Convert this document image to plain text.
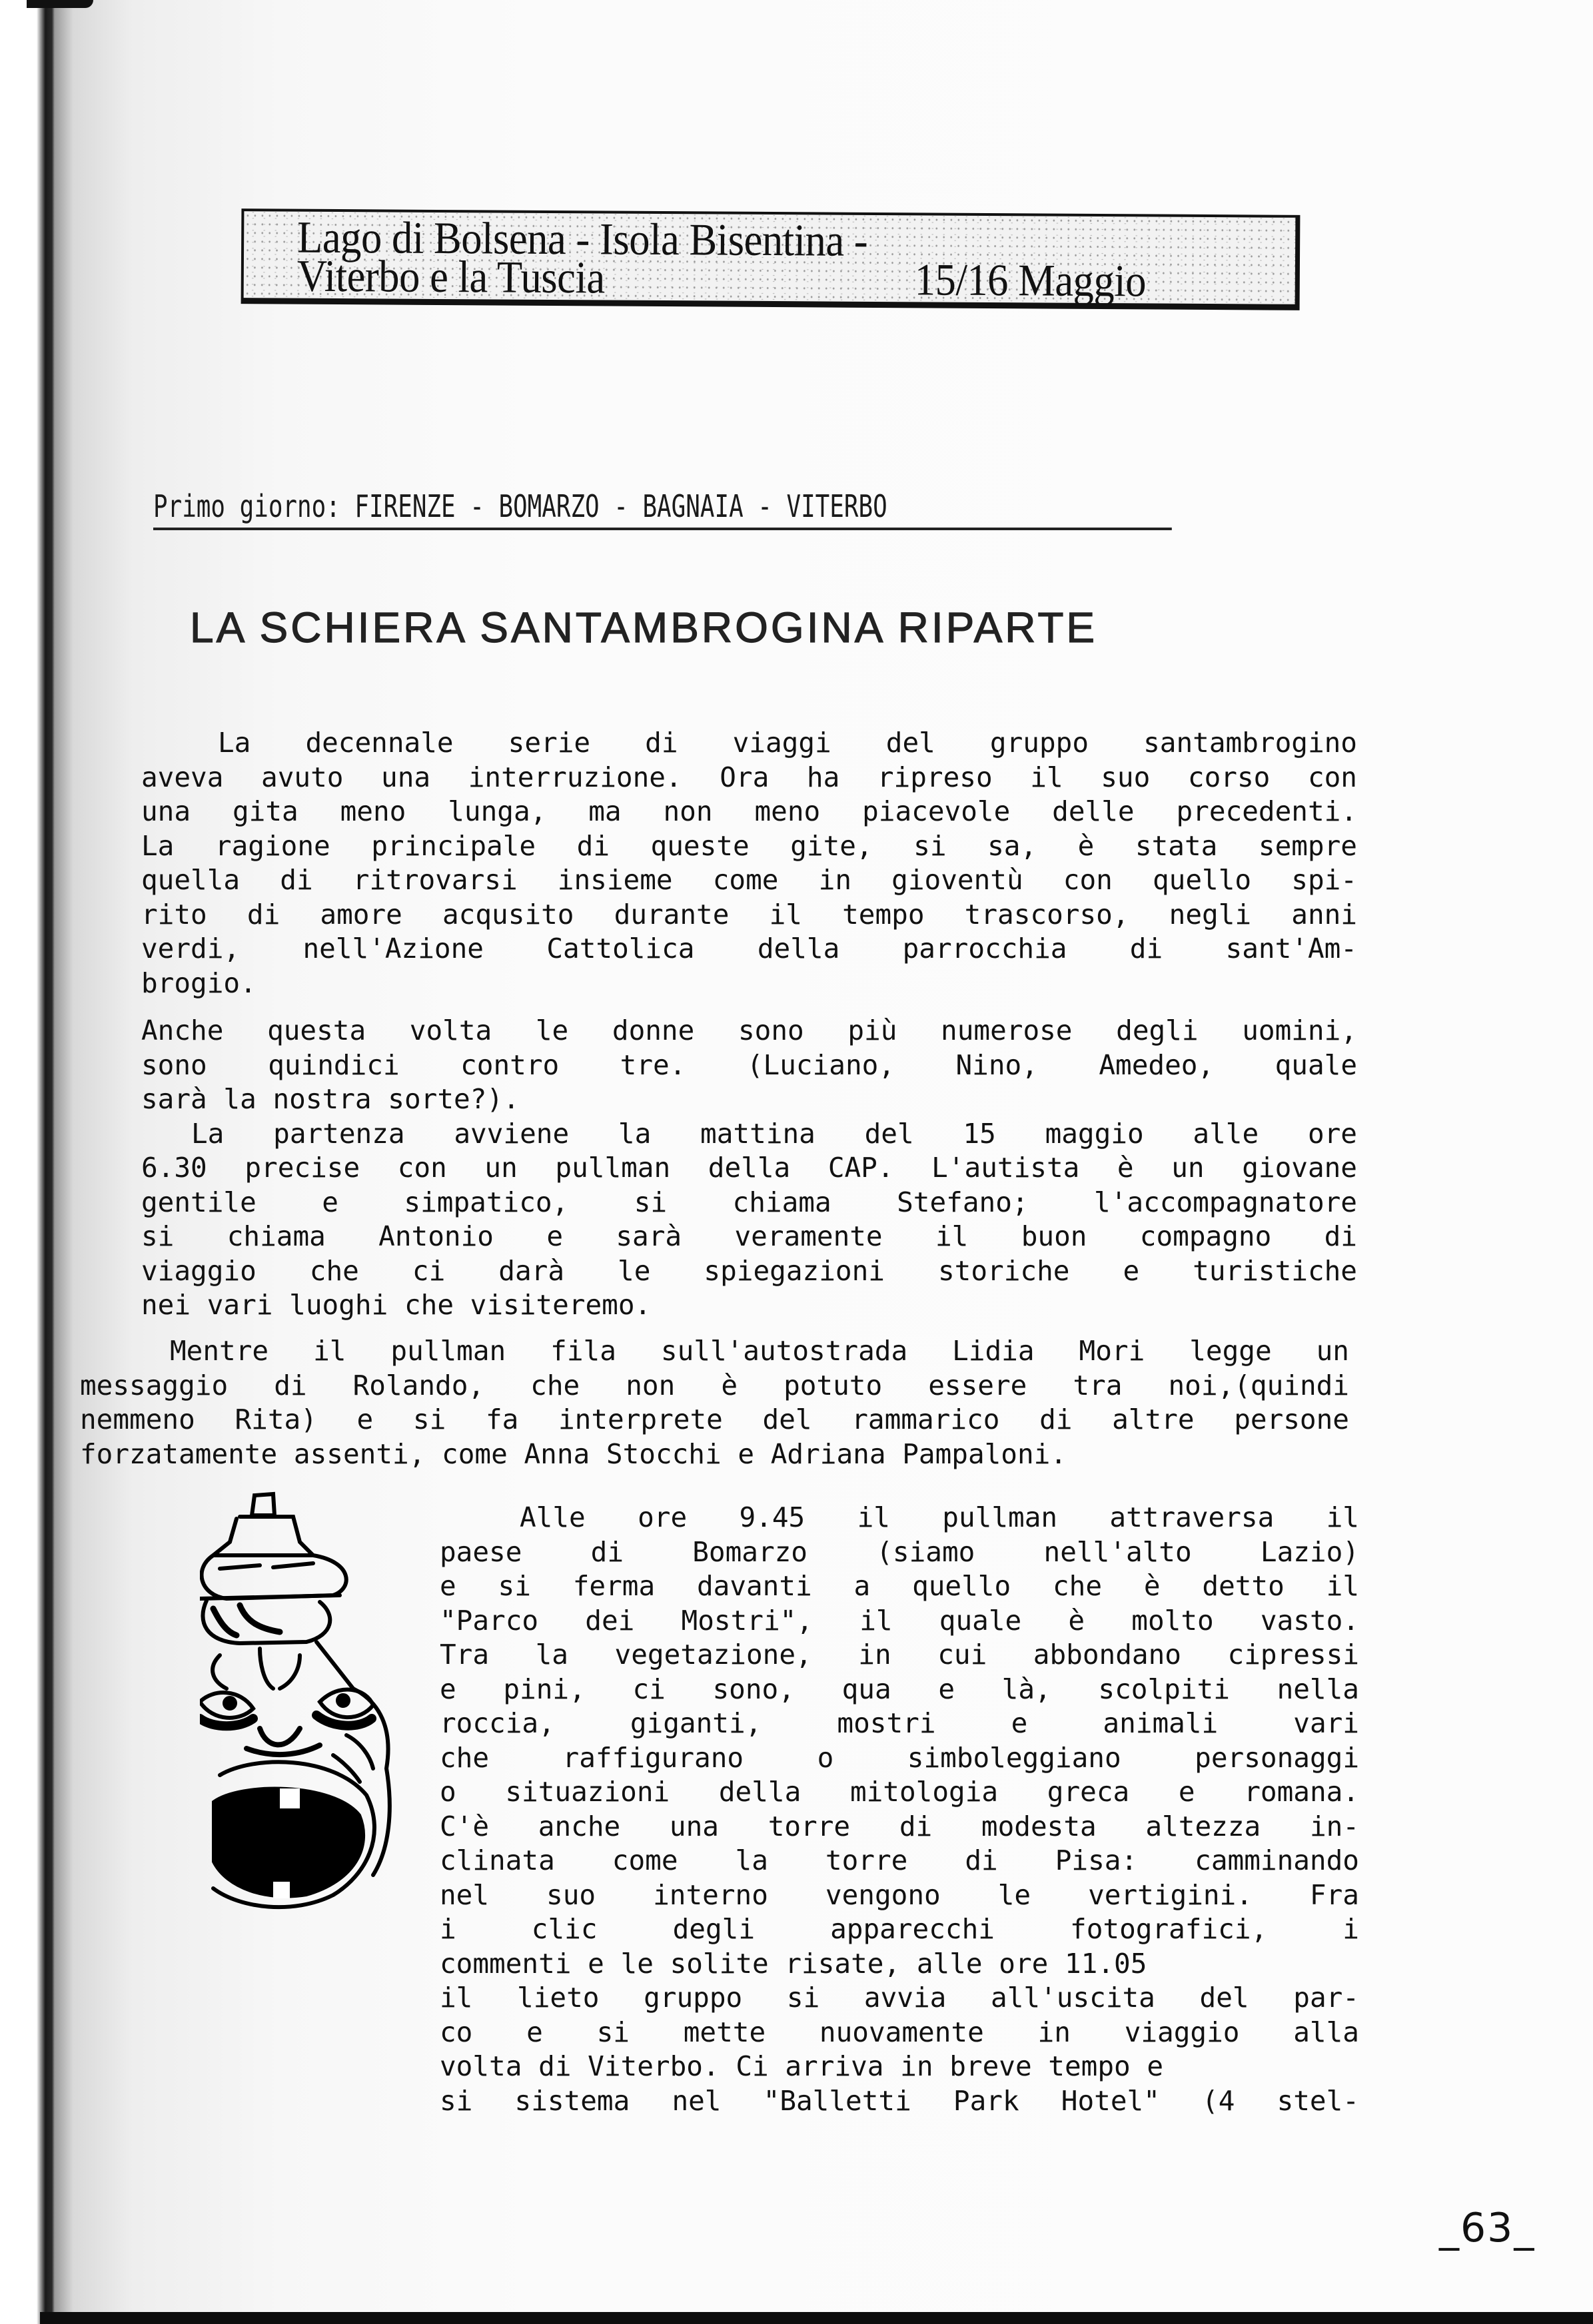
Lago di Bolsena - Isola Bisentina -
Viterbo e la Tuscia	15/16 Maggio
Primo giorno: FIRENZE - BOMARZO - BAGNAIA - VITERBO
LA SCHIERA SANTAMBROGINA RIPARTE
La decennale serie di viaggi del gruppo santambrogino
aveva avuto una interruzione. Ora ha ripreso il suo corso con
una gita meno lunga, ma non meno piacevole delle precedenti.
La ragione principale di queste gite, si sa, è stata sempre
quella di ritrovarsi insieme come in gioventù con quello spi-
rito di amore acqusito durante il tempo trascorso, negli anni
verdi, nell'Azione Cattolica della parrocchia di sant'Am-
brogio.
Anche questa volta le donne sono più numerose degli uomini,
sono quindici contro tre. (Luciano, Nino, Amedeo, quale
sarà la nostra sorte?).
La partenza avviene la mattina del 15 maggio alle ore
6.30 precise con un pullman della CAP. L'autista è un giovane
gentile e simpatico, si chiama Stefano; l'accompagnatore
si chiama Antonio e sarà veramente il buon compagno di
viaggio che ci darà le spiegazioni storiche e turistiche
nei vari luoghi che visiteremo.
Mentre il pullman fila sull'autostrada Lidia Mori legge un
messaggio di Rolando, che non è potuto essere tra noi,(quindi
nemmeno Rita) e si fa interprete del rammarico di altre persone
forzatamente assenti, come Anna Stocchi e Adriana Pampaloni.
Alle ore 9.45 il pullman attraversa il
paese di Bomarzo (siamo nell'alto Lazio)
e si ferma davanti a quello che è detto il
"Parco dei Mostri", il quale è molto vasto.
Tra la vegetazione, in cui abbondano cipressi
e pini, ci sono, qua e là, scolpiti nella
roccia, giganti, mostri e animali vari
che raffigurano o simboleggiano personaggi
o situazioni della mitologia greca e romana.
C'è anche una torre di modesta altezza in-
clinata come la torre di Pisa: camminando
nel suo interno vengono le vertigini. Fra
i clic degli apparecchi fotografici, i
commenti e le solite risate, alle ore 11.05
il lieto gruppo si avvia all'uscita del par-
co e si mette nuovamente in viaggio alla
volta di Viterbo. Ci arriva in breve tempo e
si sistema nel "Balletti Park Hotel" (4 stel-
_63_
